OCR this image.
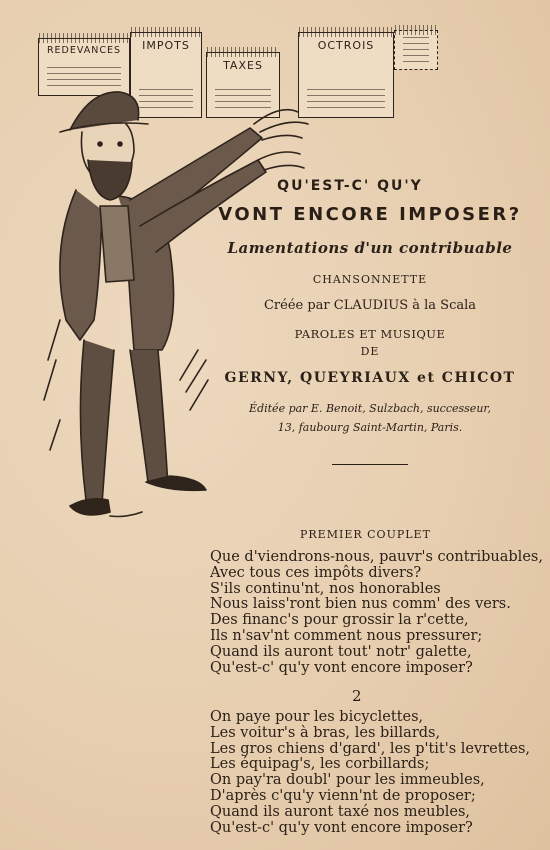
REDEVANCES IMPOTS
TAXES
OCTROIS
QU'EST-C' QU'Y
VONT ENCORE IMPOSER?
Lamentations d'un contribuable
CHANSONNETTE
Créée par CLAUDIUS à la Scala
PAROLES ET MUSIQUE
DE
GERNY, QUEYRIAUX et CHICOT
Éditée par E. Benoit, Sulzbach, successeur,
13, faubourg Saint-Martin, Paris.
PREMIER COUPLET
Que d'viendrons-nous, pauvr's contribuables,
Avec tous ces impôts divers?
S'ils continu'nt, nos honorables
Nous laiss'ront bien nus comm' des vers.
Des financ's pour grossir la r'cette,
Ils n'sav'nt comment nous pressurer;
Quand ils auront tout' notr' galette,
Qu'est-c' qu'y vont encore imposer?
2
On paye pour les bicyclettes,
Les voitur's à bras, les billards,
Les gros chiens d'gard', les p'tit's levrettes,
Les équipag's, les corbillards;
On pay'ra doubl' pour les immeubles,
D'après c'qu'y vienn'nt de proposer;
Quand ils auront taxé nos meubles,
Qu'est-c' qu'y vont encore imposer?
